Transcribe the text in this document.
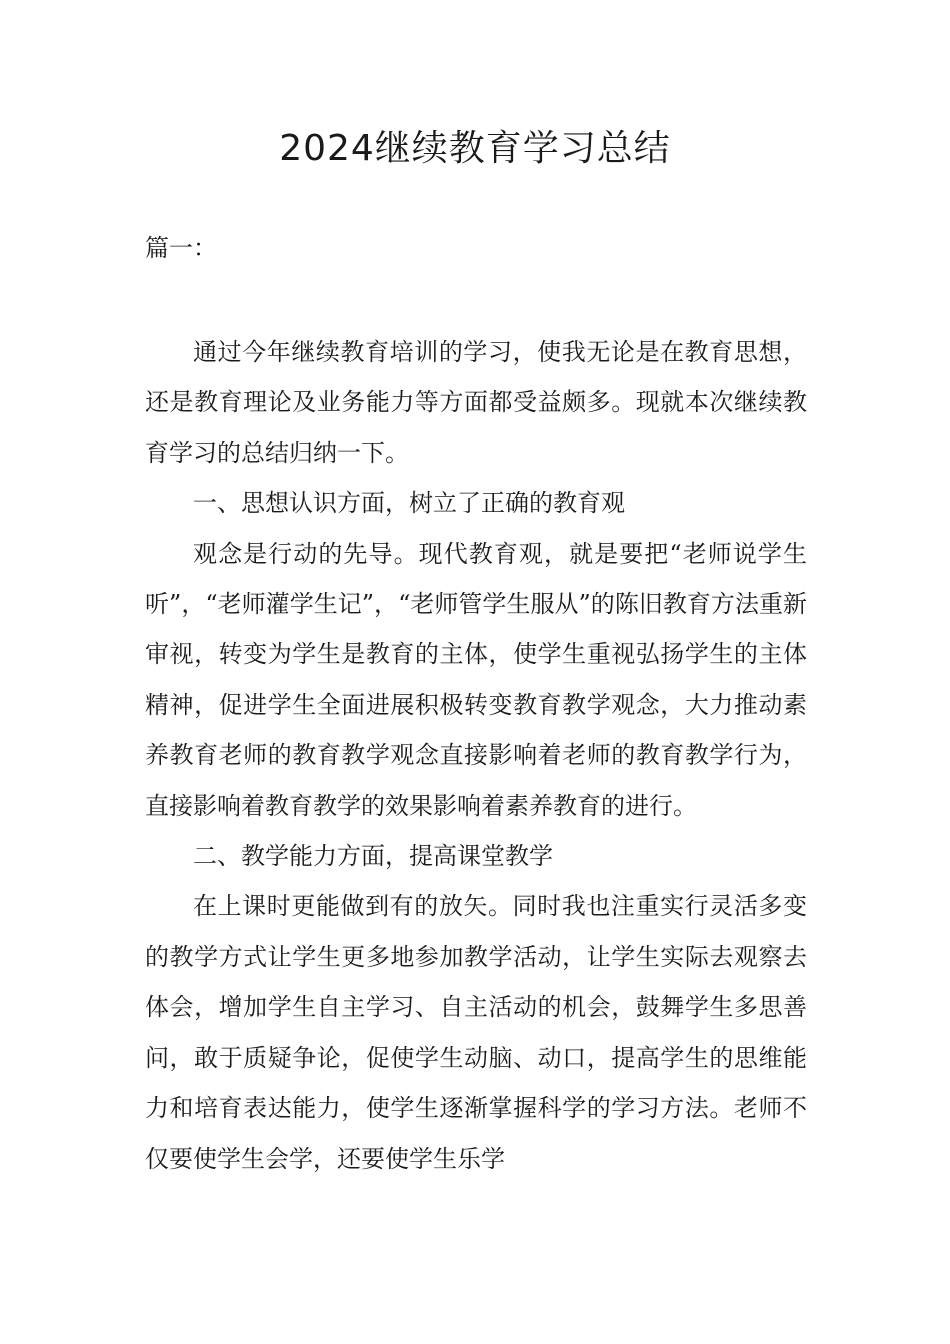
2024继续教育学习总结

篇一：

通过今年继续教育培训的学习，使我无论是在教育思想，还是教育理论及业务能力等方面都受益颇多。现就本次继续教育学习的总结归纳一下。

一、思想认识方面，树立了正确的教育观

观念是行动的先导。现代教育观，就是要把“老师说学生听”，“老师灌学生记”，“老师管学生服从”的陈旧教育方法重新审视，转变为学生是教育的主体，使学生重视弘扬学生的主体精神，促进学生全面进展积极转变教育教学观念，大力推动素养教育老师的教育教学观念直接影响着老师的教育教学行为，直接影响着教育教学的效果影响着素养教育的进行。

二、教学能力方面，提高课堂教学

在上课时更能做到有的放矢。同时我也注重实行灵活多变的教学方式让学生更多地参加教学活动，让学生实际去观察去体会，增加学生自主学习、自主活动的机会，鼓舞学生多思善问，敢于质疑争论，促使学生动脑、动口，提高学生的思维能力和培育表达能力，使学生逐渐掌握科学的学习方法。老师不仅要使学生会学，还要使学生乐学
